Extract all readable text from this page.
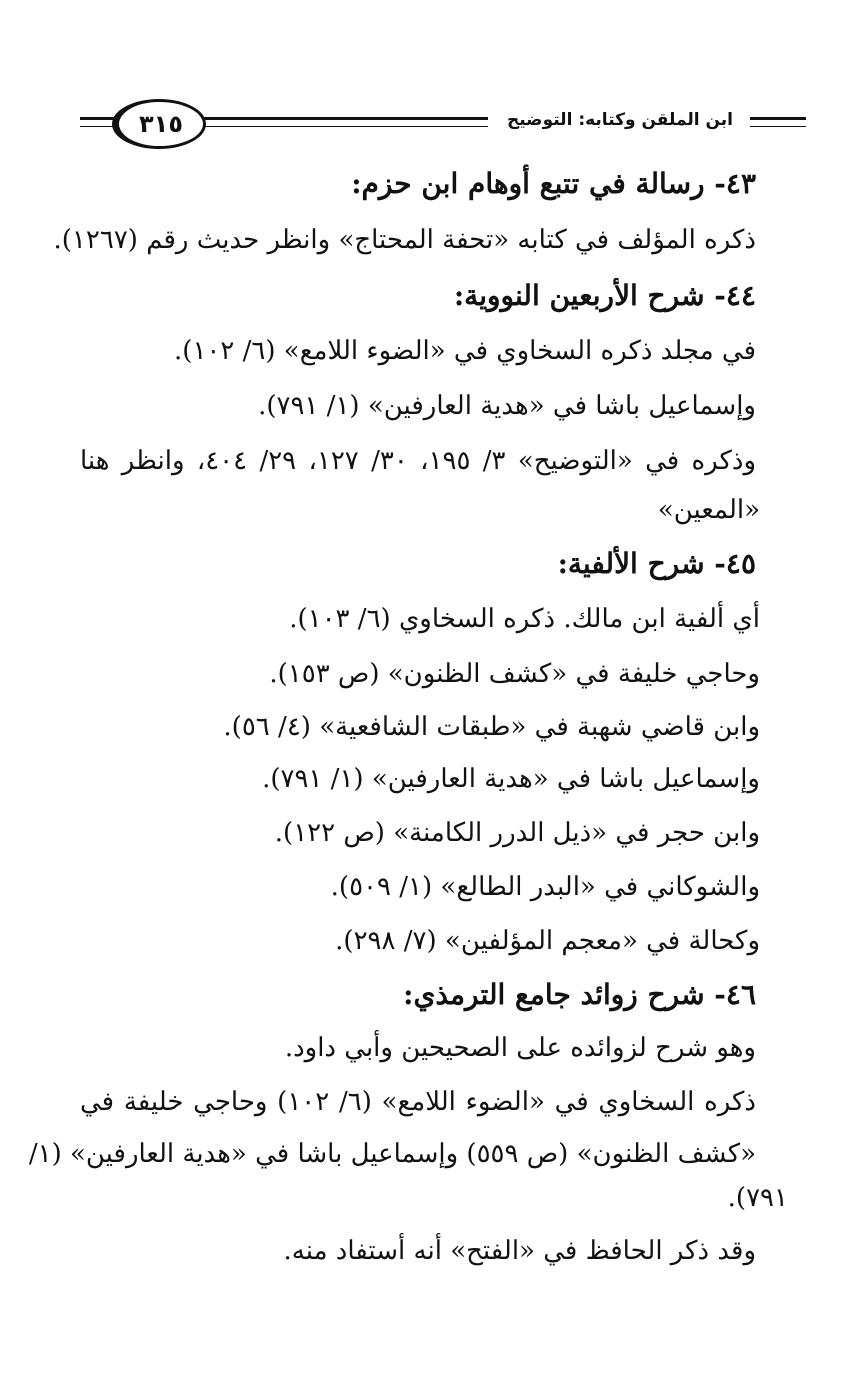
ابن الملقن وكتابه: التوضيح
٣١٥
٤٣- رسالة في تتبع أوهام ابن حزم:
ذكره المؤلف في كتابه «تحفة المحتاج» وانظر حديث رقم (١٢٦٧).
٤٤- شرح الأربعين النووية:
في مجلد ذكره السخاوي في «الضوء اللامع» (٦/ ١٠٢).
وإسماعيل باشا في «هدية العارفين» (١/ ٧٩١).
وذكره في «التوضيح» ٣/ ١٩٥، ٣٠/ ١٢٧، ٢٩/ ٤٠٤، وانظر هنا
«المعين»
٤٥- شرح الألفية:
أي ألفية ابن مالك. ذكره السخاوي (٦/ ١٠٣).
وحاجي خليفة في «كشف الظنون» (ص ١٥٣).
وابن قاضي شهبة في «طبقات الشافعية» (٤/ ٥٦).
وإسماعيل باشا في «هدية العارفين» (١/ ٧٩١).
وابن حجر في «ذيل الدرر الكامنة» (ص ١٢٢).
والشوكاني في «البدر الطالع» (١/ ٥٠٩).
وكحالة في «معجم المؤلفين» (٧/ ٢٩٨).
٤٦- شرح زوائد جامع الترمذي:
وهو شرح لزوائده على الصحيحين وأبي داود.
ذكره السخاوي في «الضوء اللامع» (٦/ ١٠٢) وحاجي خليفة في
«كشف الظنون» (ص ٥٥٩) وإسماعيل باشا في «هدية العارفين» (١/
٧٩١).
وقد ذكر الحافظ في «الفتح» أنه أستفاد منه.
